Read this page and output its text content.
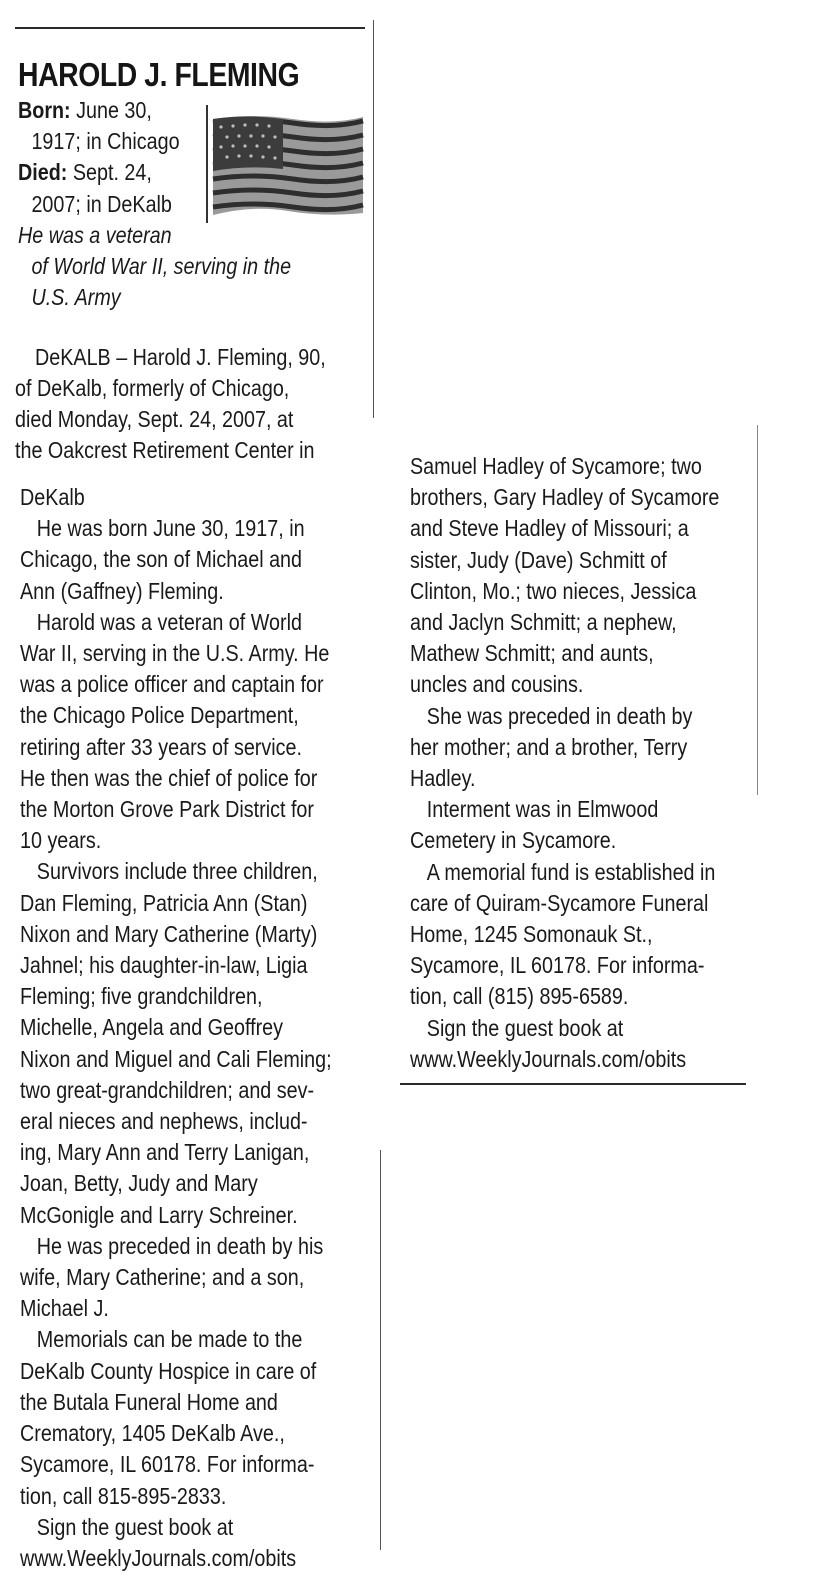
HAROLD J. FLEMING
Born: June 30,
1917; in Chicago
Died: Sept. 24,
2007; in DeKalb
He was a veteran
of World War II, serving in the
U.S. Army
DeKALB – Harold J. Fleming, 90,
of DeKalb, formerly of Chicago,
died Monday, Sept. 24, 2007, at
the Oakcrest Retirement Center in
DeKalb
He was born June 30, 1917, in
Chicago, the son of Michael and
Ann (Gaffney) Fleming.
Harold was a veteran of World
War II, serving in the U.S. Army. He
was a police officer and captain for
the Chicago Police Department,
retiring after 33 years of service.
He then was the chief of police for
the Morton Grove Park District for
10 years.
Survivors include three children,
Dan Fleming, Patricia Ann (Stan)
Nixon and Mary Catherine (Marty)
Jahnel; his daughter-in-law, Ligia
Fleming; five grandchildren,
Michelle, Angela and Geoffrey
Nixon and Miguel and Cali Fleming;
two great-grandchildren; and sev-
eral nieces and nephews, includ-
ing, Mary Ann and Terry Lanigan,
Joan, Betty, Judy and Mary
McGonigle and Larry Schreiner.
He was preceded in death by his
wife, Mary Catherine; and a son,
Michael J.
Memorials can be made to the
DeKalb County Hospice in care of
the Butala Funeral Home and
Crematory, 1405 DeKalb Ave.,
Sycamore, IL 60178. For informa-
tion, call 815-895-2833.
Sign the guest book at
www.WeeklyJournals.com/obits
Samuel Hadley of Sycamore; two
brothers, Gary Hadley of Sycamore
and Steve Hadley of Missouri; a
sister, Judy (Dave) Schmitt of
Clinton, Mo.; two nieces, Jessica
and Jaclyn Schmitt; a nephew,
Mathew Schmitt; and aunts,
uncles and cousins.
She was preceded in death by
her mother; and a brother, Terry
Hadley.
Interment was in Elmwood
Cemetery in Sycamore.
A memorial fund is established in
care of Quiram-Sycamore Funeral
Home, 1245 Somonauk St.,
Sycamore, IL 60178. For informa-
tion, call (815) 895-6589.
Sign the guest book at
www.WeeklyJournals.com/obits
